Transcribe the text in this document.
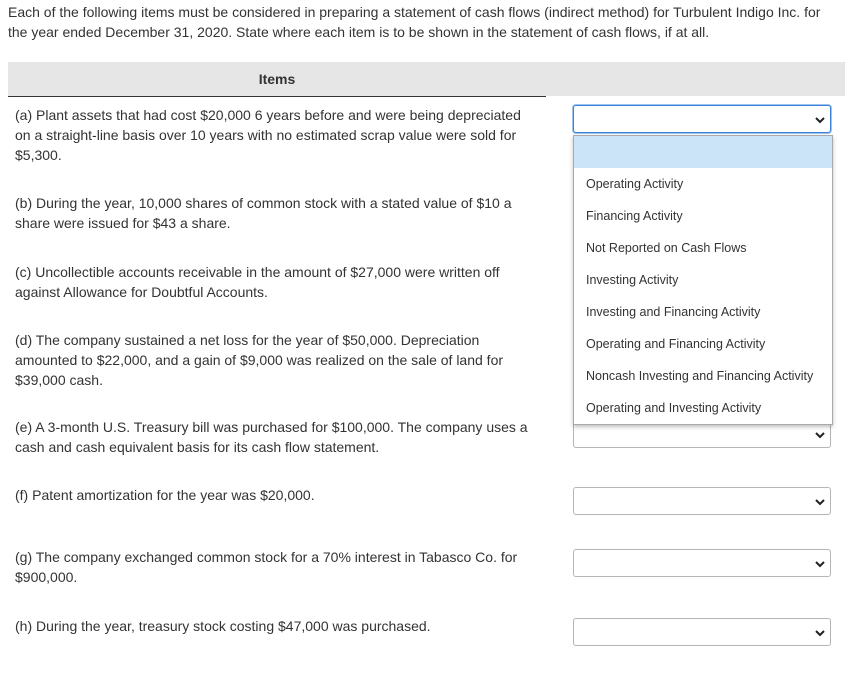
Each of the following items must be considered in preparing a statement of cash flows (indirect method) for Turbulent Indigo Inc. for the year ended December 31, 2020. State where each item is to be shown in the statement of cash flows, if at all.
Items
(a) Plant assets that had cost $20,000 6 years before and were being depreciated on a straight-line basis over 10 years with no estimated scrap value were sold for $5,300.
(b) During the year, 10,000 shares of common stock with a stated value of $10 a share were issued for $43 a share.
(c) Uncollectible accounts receivable in the amount of $27,000 were written off against Allowance for Doubtful Accounts.
(d) The company sustained a net loss for the year of $50,000. Depreciation amounted to $22,000, and a gain of $9,000 was realized on the sale of land for $39,000 cash.
(e) A 3-month U.S. Treasury bill was purchased for $100,000. The company uses a cash and cash equivalent basis for its cash flow statement.
(f) Patent amortization for the year was $20,000.
(g) The company exchanged common stock for a 70% interest in Tabasco Co. for $900,000.
(h) During the year, treasury stock costing $47,000 was purchased.
Operating Activity
Financing Activity
Not Reported on Cash Flows
Investing Activity
Investing and Financing Activity
Operating and Financing Activity
Noncash Investing and Financing Activity
Operating and Investing Activity
